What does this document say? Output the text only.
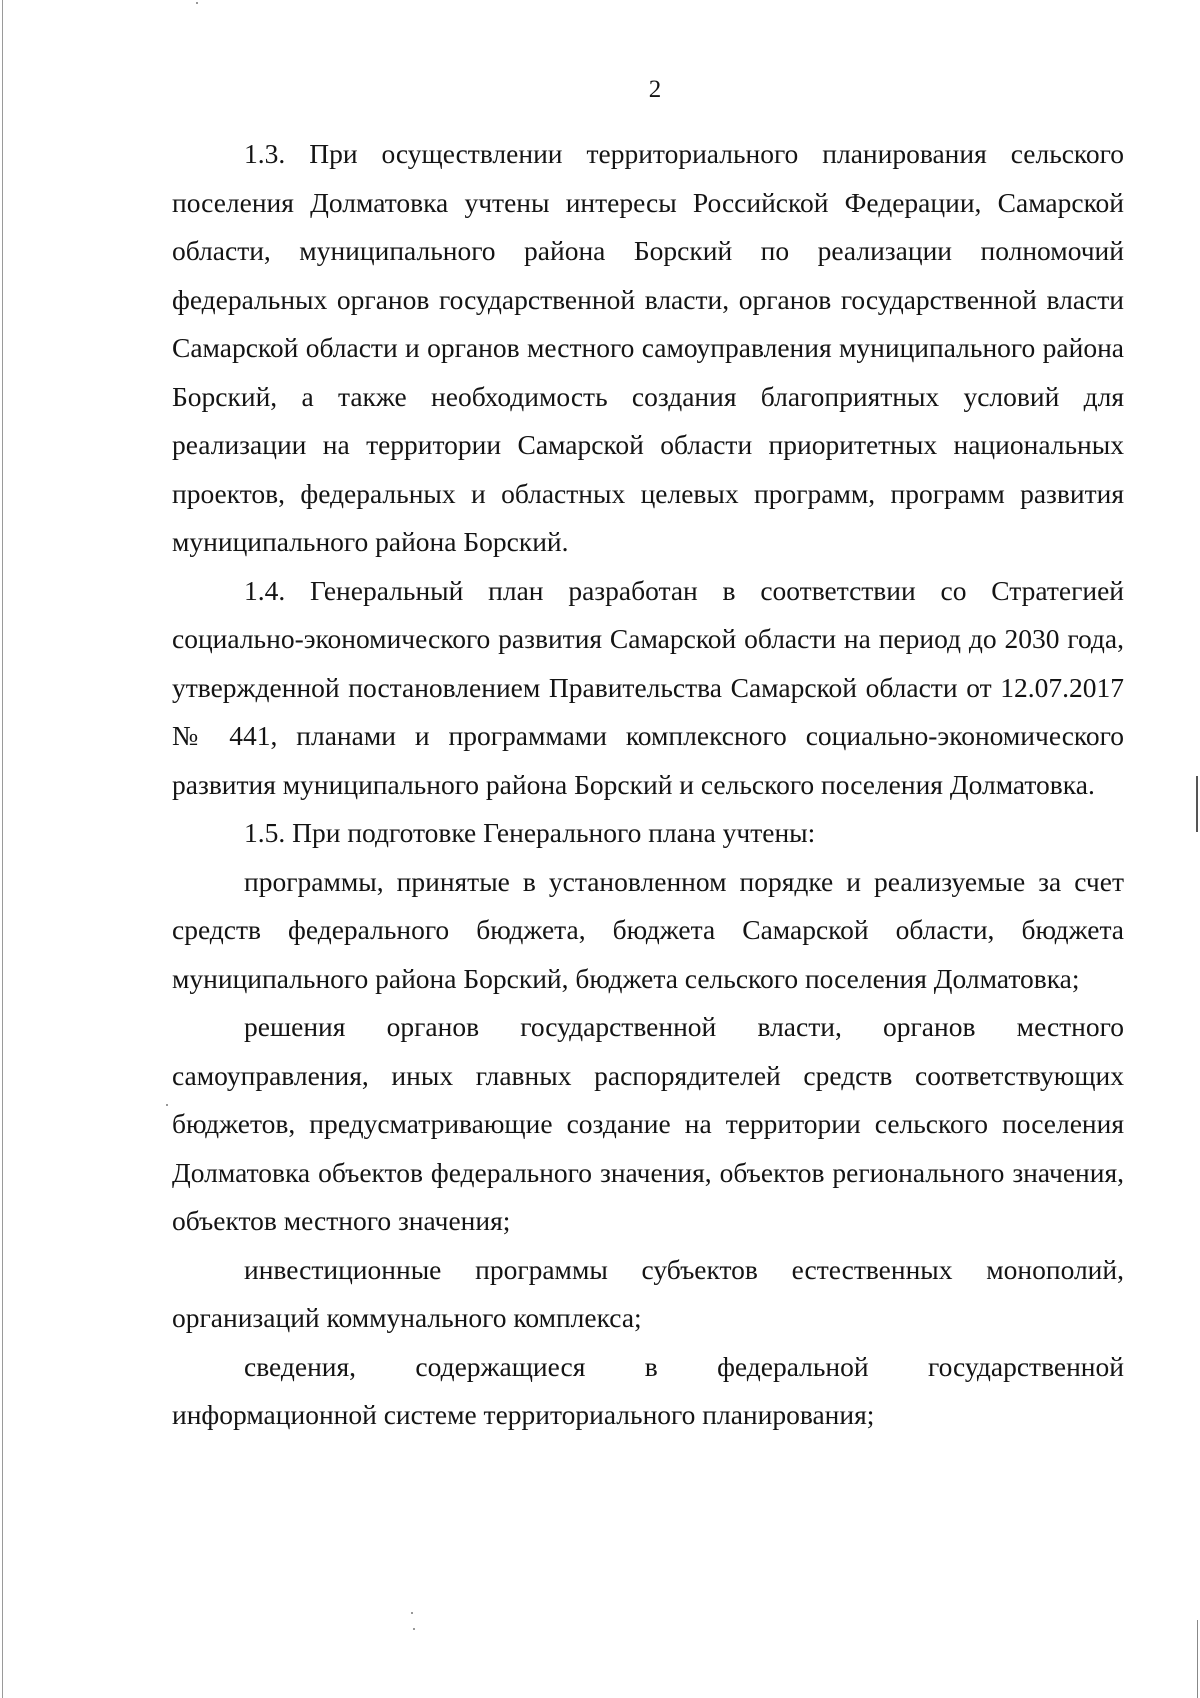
2

1.3. При осуществлении территориального планирования сельского поселения Долматовка учтены интересы Российской Федерации, Самарской области, муниципального района Борский по реализации полномочий федеральных органов государственной власти, органов государственной власти Самарской области и органов местного самоуправления муниципального района Борский, а также необходимость создания благоприятных условий для реализации на территории Самарской области приоритетных национальных проектов, федеральных и областных целевых программ, программ развития муниципального района Борский.

1.4. Генеральный план разработан в соответствии со Стратегией социально-экономического развития Самарской области на период до 2030 года, утвержденной постановлением Правительства Самарской области от 12.07.2017 № 441, планами и программами комплексного социально-экономического развития муниципального района Борский и сельского поселения Долматовка.

1.5. При подготовке Генерального плана учтены:

программы, принятые в установленном порядке и реализуемые за счет средств федерального бюджета, бюджета Самарской области, бюджета муниципального района Борский, бюджета сельского поселения Долматовка;

решения органов государственной власти, органов местного самоуправления, иных главных распорядителей средств соответствующих бюджетов, предусматривающие создание на территории сельского поселения Долматовка объектов федерального значения, объектов регионального значения, объектов местного значения;

инвестиционные программы субъектов естественных монополий, организаций коммунального комплекса;

сведения, содержащиеся в федеральной государственной информационной системе территориального планирования;
